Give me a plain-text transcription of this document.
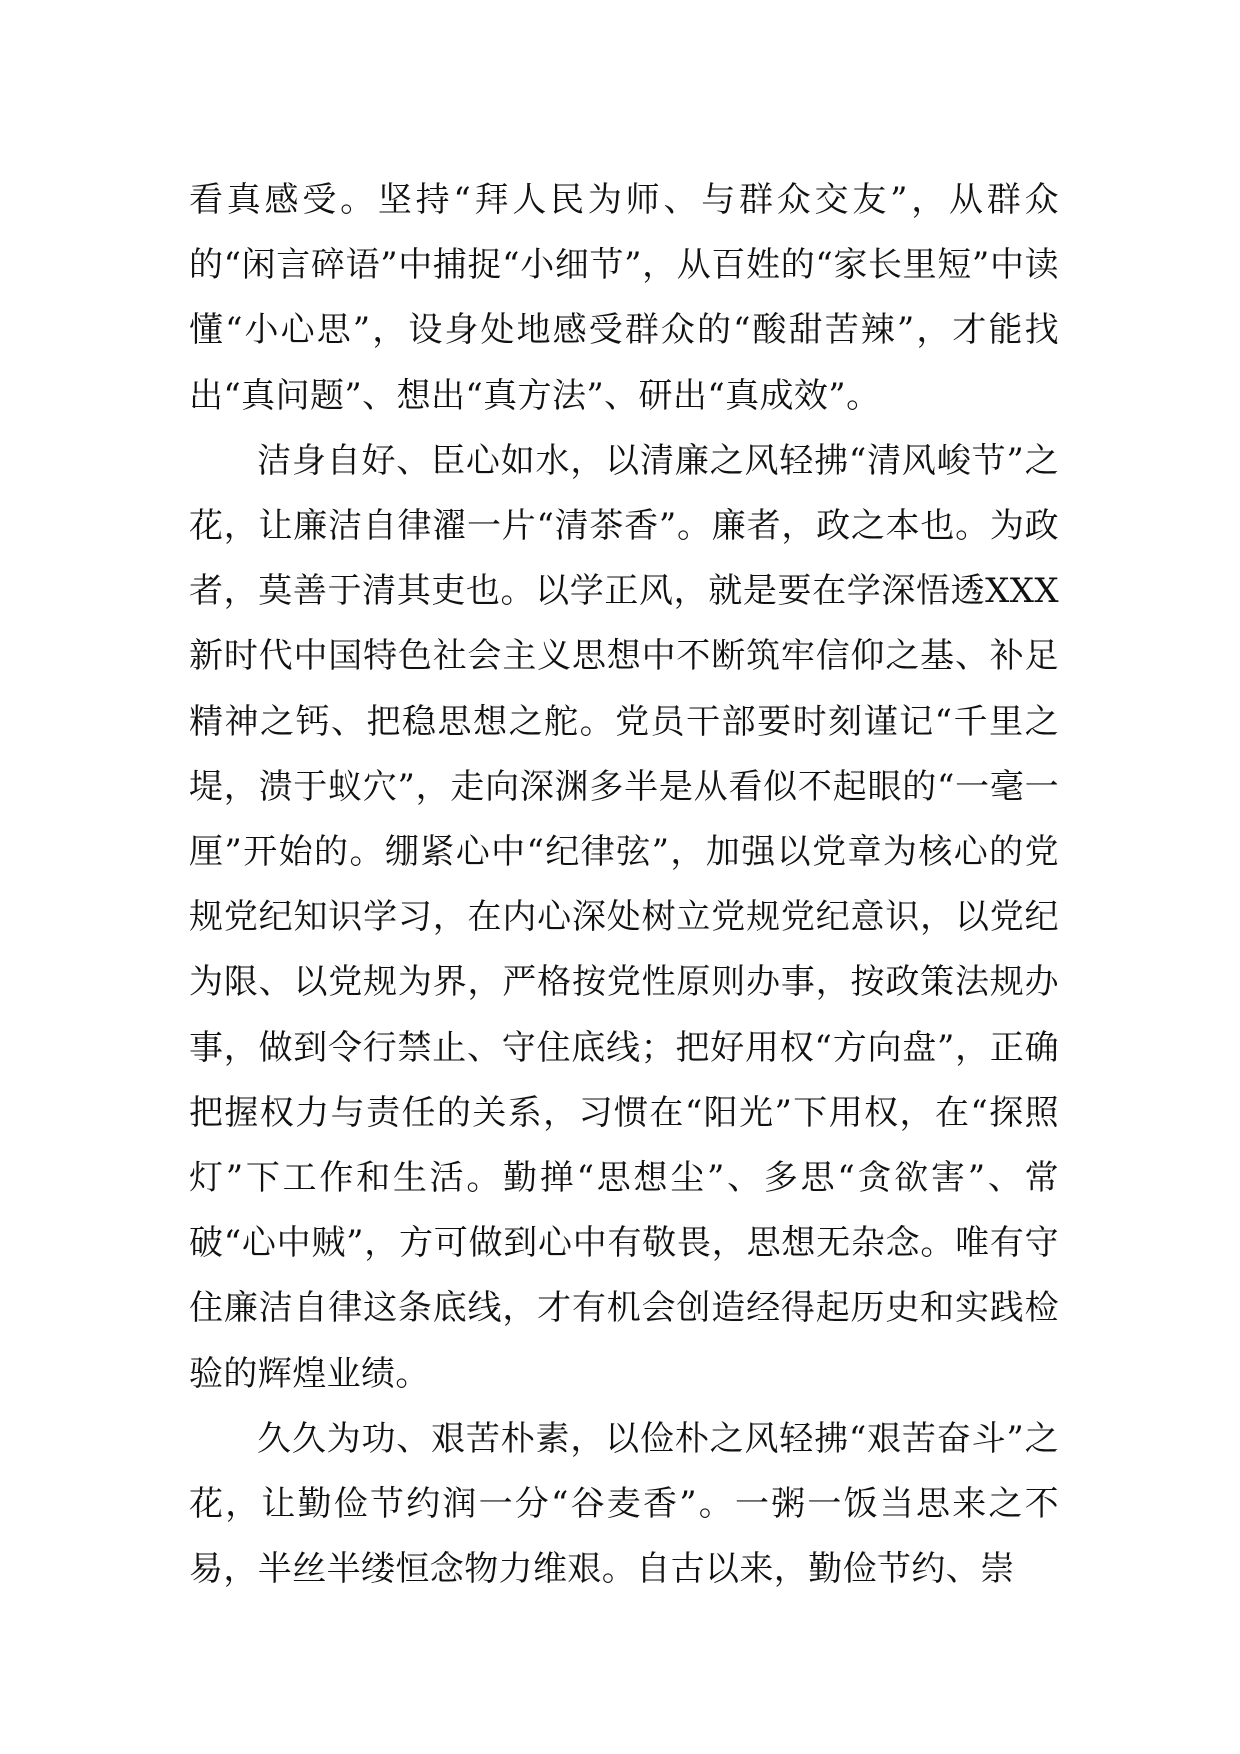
看真感受。坚持“拜人民为师、与群众交友”，从群众的“闲言碎语”中捕捉“小细节”，从百姓的“家长里短”中读懂“小心思”，设身处地感受群众的“酸甜苦辣”，才能找出“真问题”、想出“真方法”、研出“真成效”。

洁身自好、臣心如水，以清廉之风轻拂“清风峻节”之花，让廉洁自律濯一片“清茶香”。廉者，政之本也。为政者，莫善于清其吏也。以学正风，就是要在学深悟透XXX新时代中国特色社会主义思想中不断筑牢信仰之基、补足精神之钙、把稳思想之舵。党员干部要时刻谨记“千里之堤，溃于蚁穴”，走向深渊多半是从看似不起眼的“一毫一厘”开始的。绷紧心中“纪律弦”，加强以党章为核心的党规党纪知识学习，在内心深处树立党规党纪意识，以党纪为限、以党规为界，严格按党性原则办事，按政策法规办事，做到令行禁止、守住底线；把好用权“方向盘”，正确把握权力与责任的关系，习惯在“阳光”下用权，在“探照灯”下工作和生活。勤掸“思想尘”、多思“贪欲害”、常破“心中贼”，方可做到心中有敬畏，思想无杂念。唯有守住廉洁自律这条底线，才有机会创造经得起历史和实践检验的辉煌业绩。

久久为功、艰苦朴素，以俭朴之风轻拂“艰苦奋斗”之花，让勤俭节约润一分“谷麦香”。一粥一饭当思来之不易，半丝半缕恒念物力维艰。自古以来，勤俭节约、崇
